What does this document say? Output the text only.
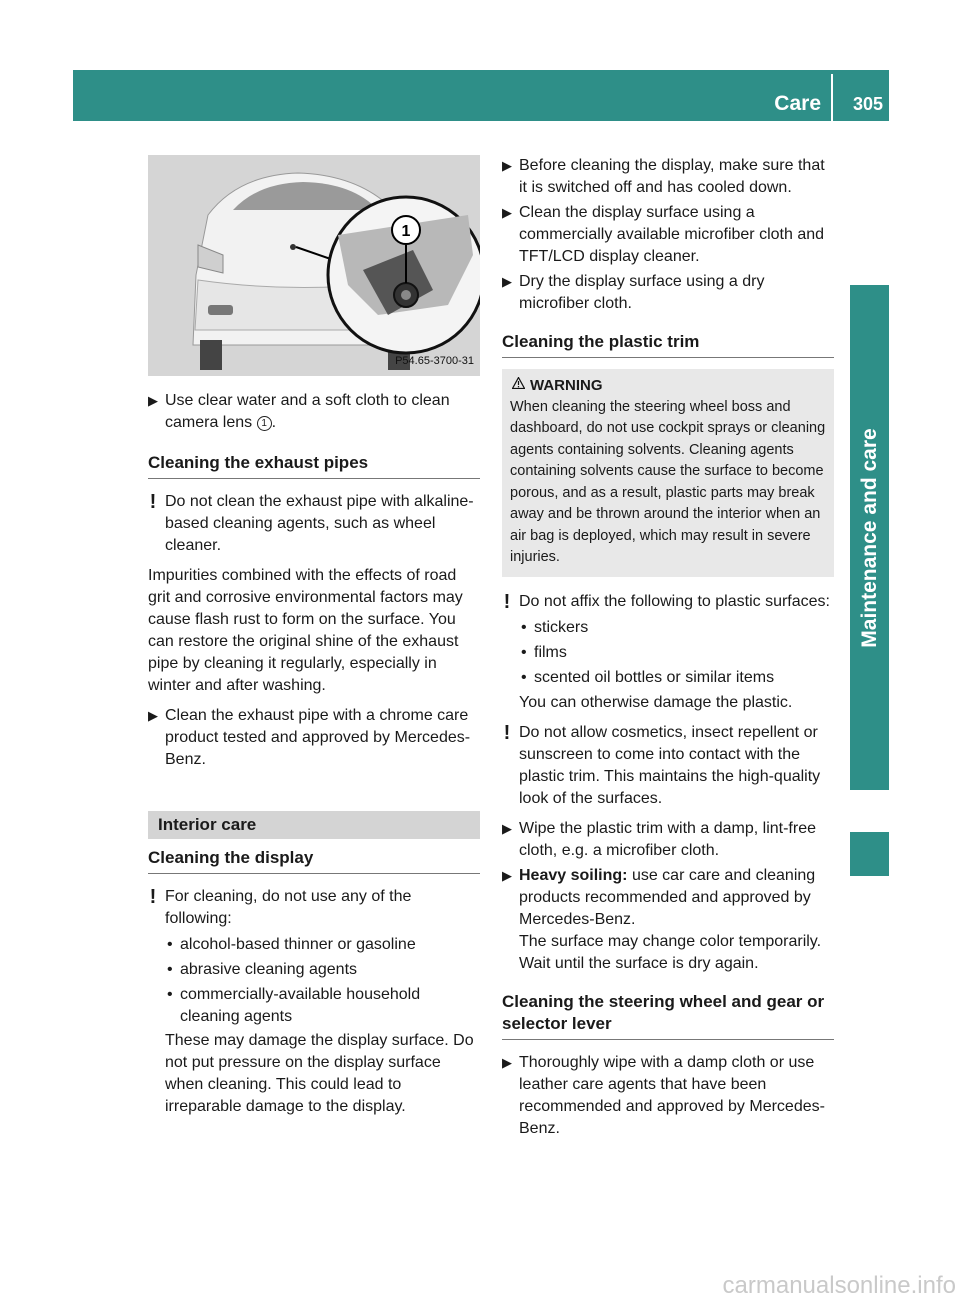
Care 305
Maintenance and care
1
P54.65-3700-31

▶ Use clear water and a soft cloth to clean camera lens 1 .

Cleaning the exhaust pipes

! Do not clean the exhaust pipe with alkaline-based cleaning agents, such as wheel cleaner.

Impurities combined with the effects of road grit and corrosive environmental factors may cause flash rust to form on the surface. You can restore the original shine of the exhaust pipe by cleaning it regularly, especially in winter and after washing.

▶ Clean the exhaust pipe with a chrome care product tested and approved by Mercedes-Benz.

Interior care

Cleaning the display

! For cleaning, do not use any of the following:

• alcohol-based thinner or gasoline
• abrasive cleaning agents
• commercially-available household cleaning agents

These may damage the display surface. Do not put pressure on the display surface when cleaning. This could lead to irreparable damage to the display.

▶ Before cleaning the display, make sure that it is switched off and has cooled down.

▶ Clean the display surface using a commercially available microfiber cloth and TFT/LCD display cleaner.

▶ Dry the display surface using a dry microfiber cloth.

Cleaning the plastic trim

WARNING
When cleaning the steering wheel boss and dashboard, do not use cockpit sprays or cleaning agents containing solvents. Cleaning agents containing solvents cause the surface to become porous, and as a result, plastic parts may break away and be thrown around the interior when an air bag is deployed, which may result in severe injuries.

! Do not affix the following to plastic surfaces:

• stickers
• films
• scented oil bottles or similar items

You can otherwise damage the plastic.

! Do not allow cosmetics, insect repellent or sunscreen to come into contact with the plastic trim. This maintains the high-quality look of the surfaces.

▶ Wipe the plastic trim with a damp, lint-free cloth, e.g. a microfiber cloth.

▶ Heavy soiling: use car care and cleaning products recommended and approved by Mercedes-Benz.
The surface may change color temporarily. Wait until the surface is dry again.

Cleaning the steering wheel and gear or selector lever

▶ Thoroughly wipe with a damp cloth or use leather care agents that have been recommended and approved by Mercedes-Benz.

carmanualsonline.info
